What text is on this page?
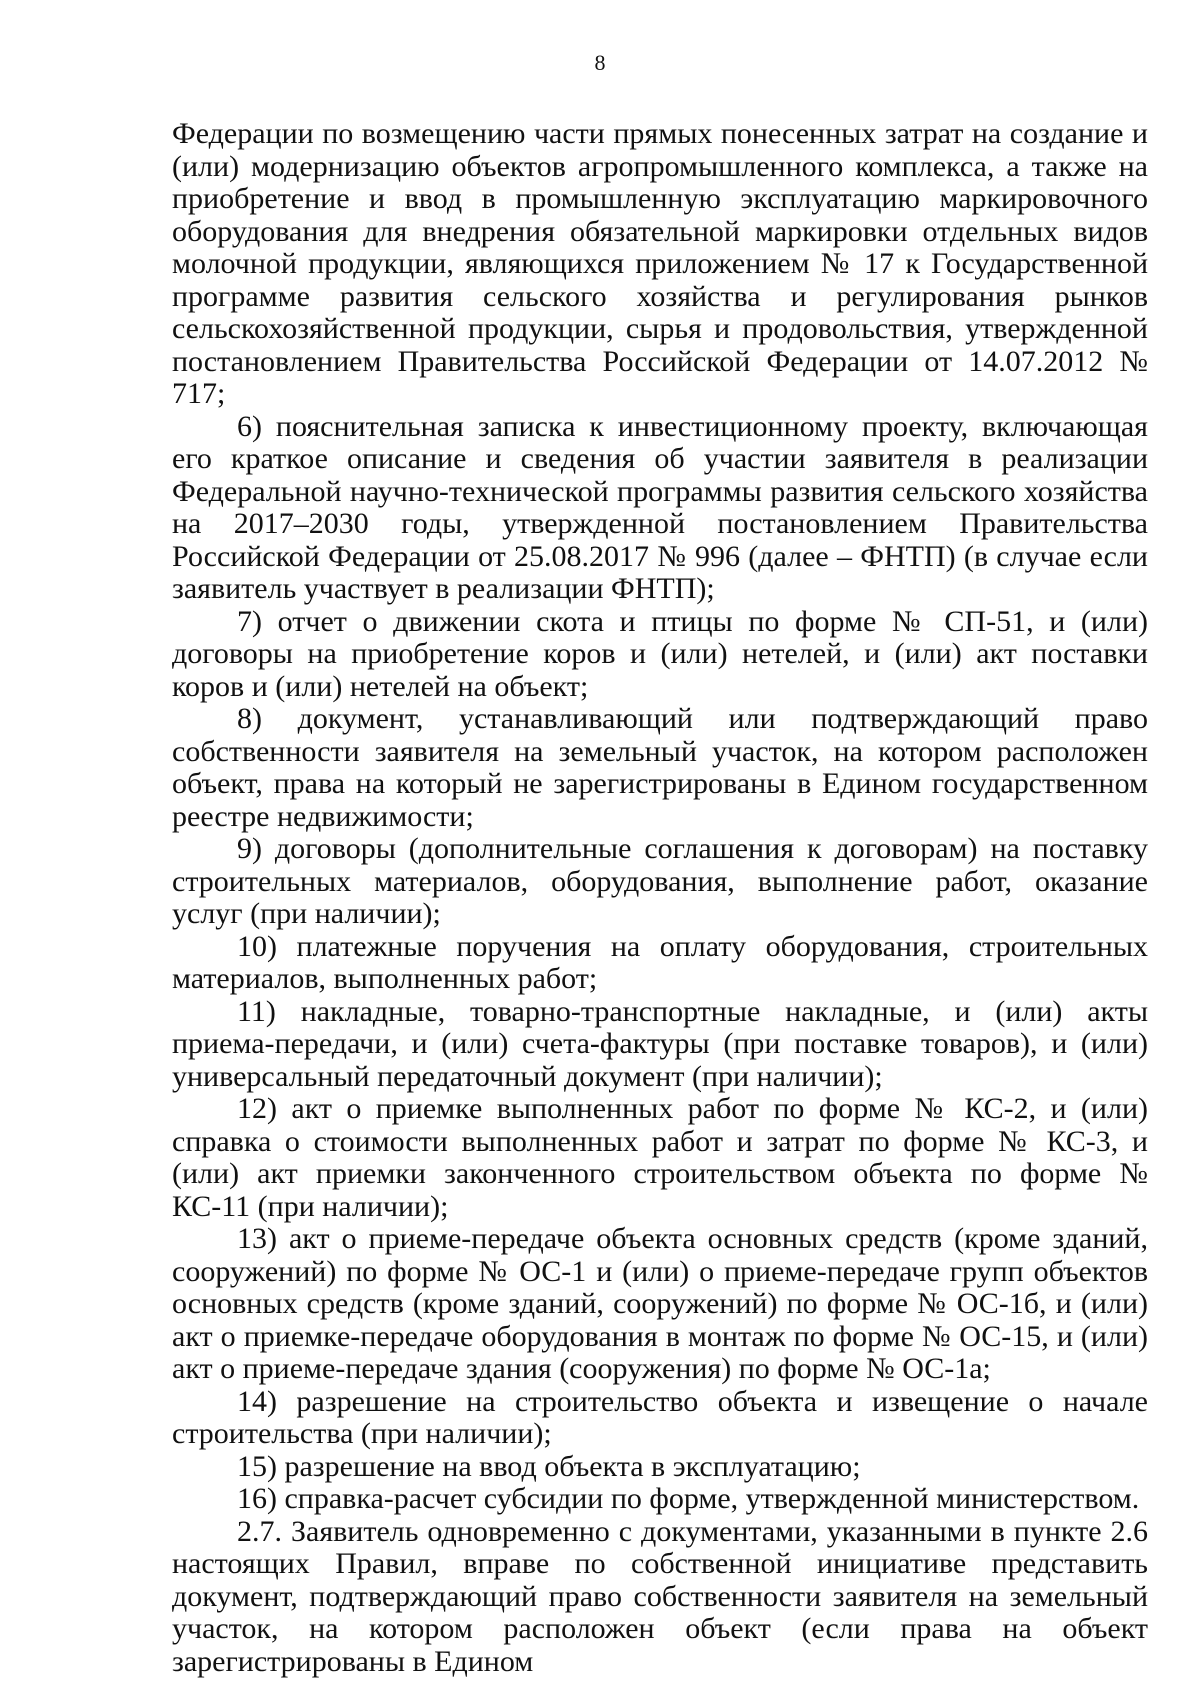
8

Федерации по возмещению части прямых понесенных затрат на создание и (или) модернизацию объектов агропромышленного комплекса, а также на приобретение и ввод в промышленную эксплуатацию маркировочного оборудования для внедрения обязательной маркировки отдельных видов молочной продукции, являющихся приложением № 17 к Государственной программе развития сельского хозяйства и регулирования рынков сельскохозяйственной продукции, сырья и продовольствия, утвержденной постановлением Правительства Российской Федерации от 14.07.2012 № 717;

6) пояснительная записка к инвестиционному проекту, включающая его краткое описание и сведения об участии заявителя в реализации Федеральной научно-технической программы развития сельского хозяйства на 2017–2030 годы, утвержденной постановлением Правительства Российской Федерации от 25.08.2017 № 996 (далее – ФНТП) (в случае если заявитель участвует в реализации ФНТП);

7) отчет о движении скота и птицы по форме № СП-51, и (или) договоры на приобретение коров и (или) нетелей, и (или) акт поставки коров и (или) нетелей на объект;

8) документ, устанавливающий или подтверждающий право собственности заявителя на земельный участок, на котором расположен объект, права на который не зарегистрированы в Едином государственном реестре недвижимости;

9) договоры (дополнительные соглашения к договорам) на поставку строительных материалов, оборудования, выполнение работ, оказание услуг (при наличии);

10) платежные поручения на оплату оборудования, строительных материалов, выполненных работ;

11) накладные, товарно-транспортные накладные, и (или) акты приема-передачи, и (или) счета-фактуры (при поставке товаров), и (или) универсальный передаточный документ (при наличии);

12) акт о приемке выполненных работ по форме № КС-2, и (или) справка о стоимости выполненных работ и затрат по форме № КС-3, и (или) акт приемки законченного строительством объекта по форме № КС-11 (при наличии);

13) акт о приеме-передаче объекта основных средств (кроме зданий, сооружений) по форме № ОС-1 и (или) о приеме-передаче групп объектов основных средств (кроме зданий, сооружений) по форме № ОС-1б, и (или) акт о приемке-передаче оборудования в монтаж по форме № ОС-15, и (или) акт о приеме-передаче здания (сооружения) по форме № ОС-1а;

14) разрешение на строительство объекта и извещение о начале строительства (при наличии);

15) разрешение на ввод объекта в эксплуатацию;

16) справка-расчет субсидии по форме, утвержденной министерством.

2.7. Заявитель одновременно с документами, указанными в пункте 2.6 настоящих Правил, вправе по собственной инициативе представить документ, подтверждающий право собственности заявителя на земельный участок, на котором расположен объект (если права на объект зарегистрированы в Едином
